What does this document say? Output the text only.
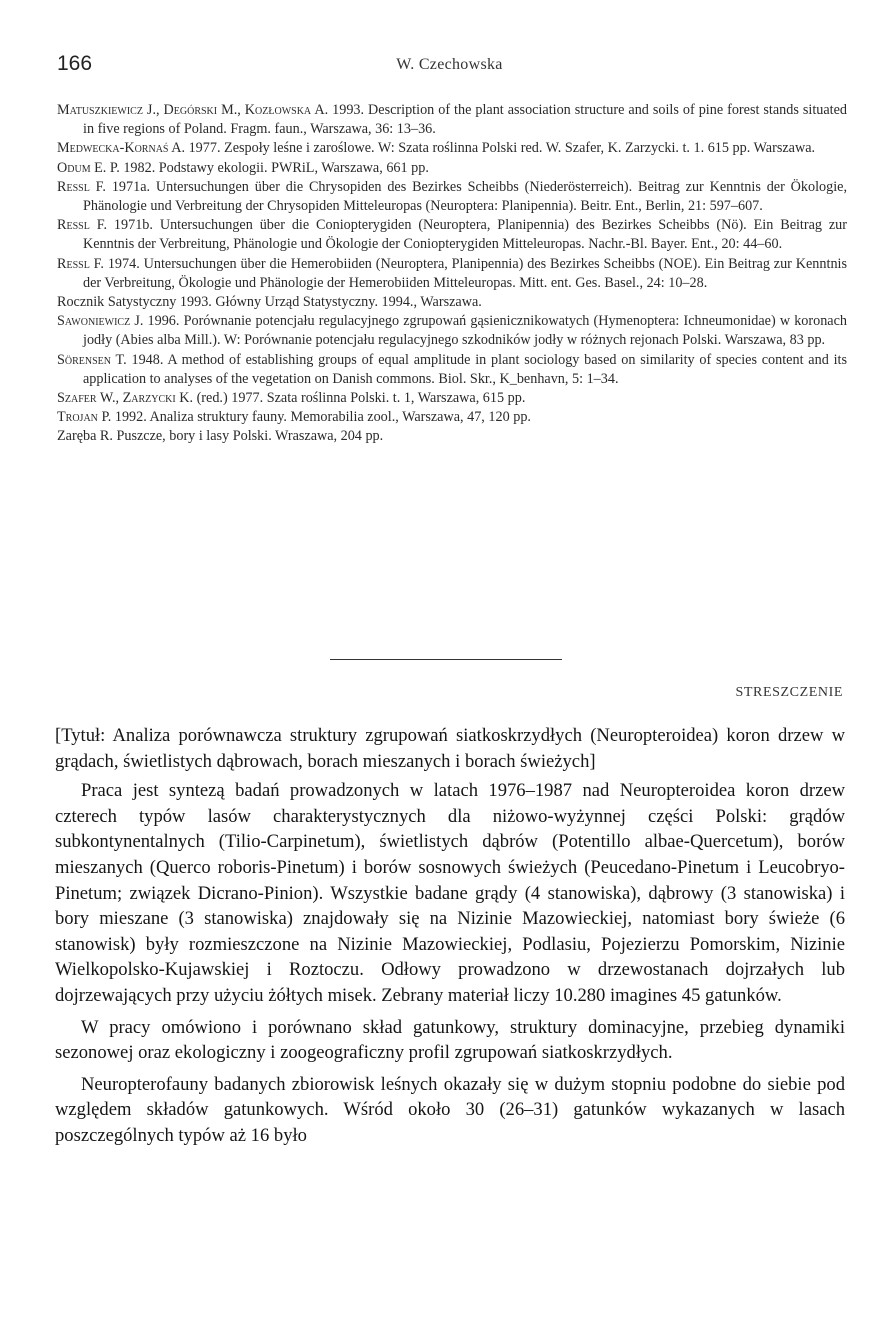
166	W. Czechowska
Matuszkiewicz J., Degórski M., Kozłowska A. 1993. Description of the plant association structure and soils of pine forest stands situated in five regions of Poland. Fragm. faun., Warszawa, 36: 13–36.
Medwecka-Kornaś A. 1977. Zespoły leśne i zaroślowe. W: Szata roślinna Polski red. W. Szafer, K. Zarzycki. t. 1. 615 pp. Warszawa.
Odum E. P. 1982. Podstawy ekologii. PWRiL, Warszawa, 661 pp.
Ressl F. 1971a. Untersuchungen über die Chrysopiden des Bezirkes Scheibbs (Niederösterreich). Beitrag zur Kenntnis der Ökologie, Phänologie und Verbreitung der Chrysopiden Mitteleuropas (Neuroptera: Planipennia). Beitr. Ent., Berlin, 21: 597–607.
Ressl F. 1971b. Untersuchungen über die Coniopterygiden (Neuroptera, Planipennia) des Bezirkes Scheibbs (Nö). Ein Beitrag zur Kenntnis der Verbreitung, Phänologie und Ökologie der Coniopterygiden Mitteleuropas. Nachr.-Bl. Bayer. Ent., 20: 44–60.
Ressl F. 1974. Untersuchungen über die Hemerobiiden (Neuroptera, Planipennia) des Bezirkes Scheibbs (NOE). Ein Beitrag zur Kenntnis der Verbreitung, Ökologie und Phänologie der Hemerobiiden Mitteleuropas. Mitt. ent. Ges. Basel., 24: 10–28.
Rocznik Satystyczny 1993. Główny Urząd Statystyczny. 1994., Warszawa.
Sawoniewicz J. 1996. Porównanie potencjału regulacyjnego zgrupowań gąsienicznikowatych (Hymenoptera: Ichneumonidae) w koronach jodły (Abies alba Mill.). W: Porównanie potencjału regulacyjnego szkodników jodły w różnych rejonach Polski. Warszawa, 83 pp.
Sörensen T. 1948. A method of establishing groups of equal amplitude in plant sociology based on similarity of species content and its application to analyses of the vegetation on Danish commons. Biol. Skr., K_benhavn, 5: 1–34.
Szafer W., Zarzycki K. (red.) 1977. Szata roślinna Polski. t. 1, Warszawa, 615 pp.
Trojan P. 1992. Analiza struktury fauny. Memorabilia zool., Warszawa, 47, 120 pp.
Zaręba R. Puszcze, bory i lasy Polski. Wraszawa, 204 pp.
STRESZCZENIE

[Tytuł: Analiza porównawcza struktury zgrupowań siatkoskrzydłych (Neuropteroidea) koron drzew w grądach, świetlistych dąbrowach, borach mieszanych i borach świeżych]

Praca jest syntezą badań prowadzonych w latach 1976–1987 nad Neuropteroidea koron drzew czterech typów lasów charakterystycznych dla niżowo-wyżynnej części Polski: grądów subkontynentalnych (Tilio-Carpinetum), świetlistych dąbrów (Potentillo albae-Quercetum), borów mieszanych (Querco roboris-Pinetum) i borów sosnowych świeżych (Peucedano-Pinetum i Leucobryo-Pinetum; związek Dicrano-Pinion). Wszystkie badane grądy (4 stanowiska), dąbrowy (3 stanowiska) i bory mieszane (3 stanowiska) znajdowały się na Nizinie Mazowieckiej, natomiast bory świeże (6 stanowisk) były rozmieszczone na Nizinie Mazowieckiej, Podlasiu, Pojezierzu Pomorskim, Nizinie Wielkopolsko-Kujawskiej i Roztoczu. Odłowy prowadzono w drzewostanach dojrzałych lub dojrzewających przy użyciu żółtych misek. Zebrany materiał liczy 10.280 imagines 45 gatunków.

W pracy omówiono i porównano skład gatunkowy, struktury dominacyjne, przebieg dynamiki sezonowej oraz ekologiczny i zoogeograficzny profil zgrupowań siatkoskrzydłych.

Neuropterofauny badanych zbiorowisk leśnych okazały się w dużym stopniu podobne do siebie pod względem składów gatunkowych. Wśród około 30 (26–31) gatunków wykazanych w lasach poszczególnych typów aż 16 było
